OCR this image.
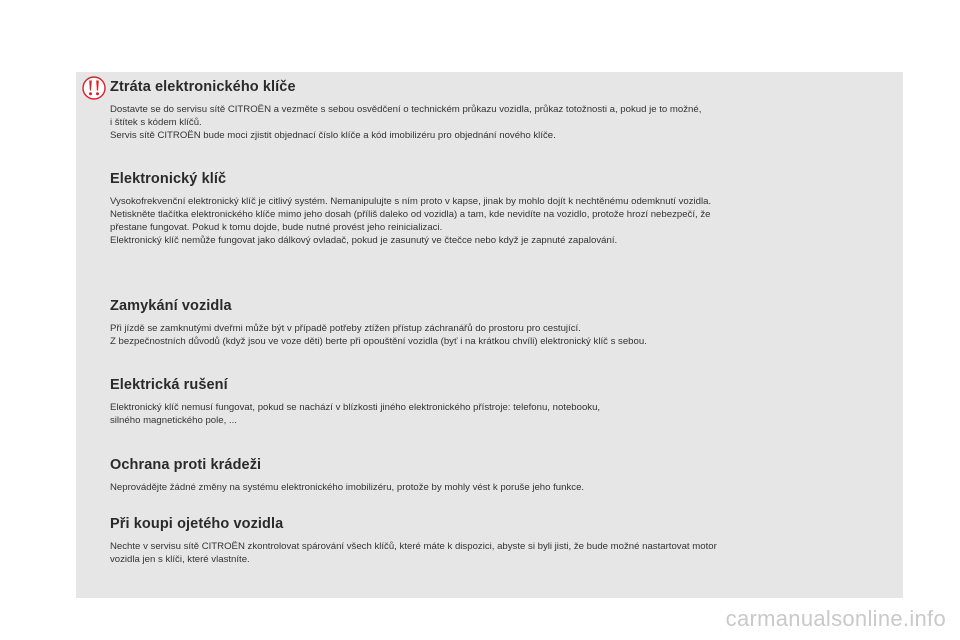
Ztráta elektronického klíče

Dostavte se do servisu sítě CITROËN a vezměte s sebou osvědčení o technickém průkazu vozidla, průkaz totožnosti a, pokud je to možné,
i štítek s kódem klíčů.
Servis sítě CITROËN bude moci zjistit objednací číslo klíče a kód imobilizéru pro objednání nového klíče.

Elektronický klíč

Vysokofrekvenční elektronický klíč je citlivý systém. Nemanipulujte s ním proto v kapse, jinak by mohlo dojít k nechtěnému odemknutí vozidla.
Netiskněte tlačítka elektronického klíče mimo jeho dosah (příliš daleko od vozidla) a tam, kde nevidíte na vozidlo, protože hrozí nebezpečí, že
přestane fungovat. Pokud k tomu dojde, bude nutné provést jeho reinicializaci.
Elektronický klíč nemůže fungovat jako dálkový ovladač, pokud je zasunutý ve čtečce nebo když je zapnuté zapalování.

Zamykání vozidla

Při jízdě se zamknutými dveřmi může být v případě potřeby ztížen přístup záchranářů do prostoru pro cestující.
Z bezpečnostních důvodů (když jsou ve voze děti) berte při opouštění vozidla (byť i na krátkou chvíli) elektronický klíč s sebou.

Elektrická rušení

Elektronický klíč nemusí fungovat, pokud se nachází v blízkosti jiného elektronického přístroje: telefonu, notebooku,
silného magnetického pole, ...

Ochrana proti krádeži

Neprovádějte žádné změny na systému elektronického imobilizéru, protože by mohly vést k poruše jeho funkce.

Při koupi ojetého vozidla

Nechte v servisu sítě CITROËN zkontrolovat spárování všech klíčů, které máte k dispozici, abyste si byli jisti, že bude možné nastartovat motor
vozidla jen s klíči, které vlastníte.

carmanualsonline.info
